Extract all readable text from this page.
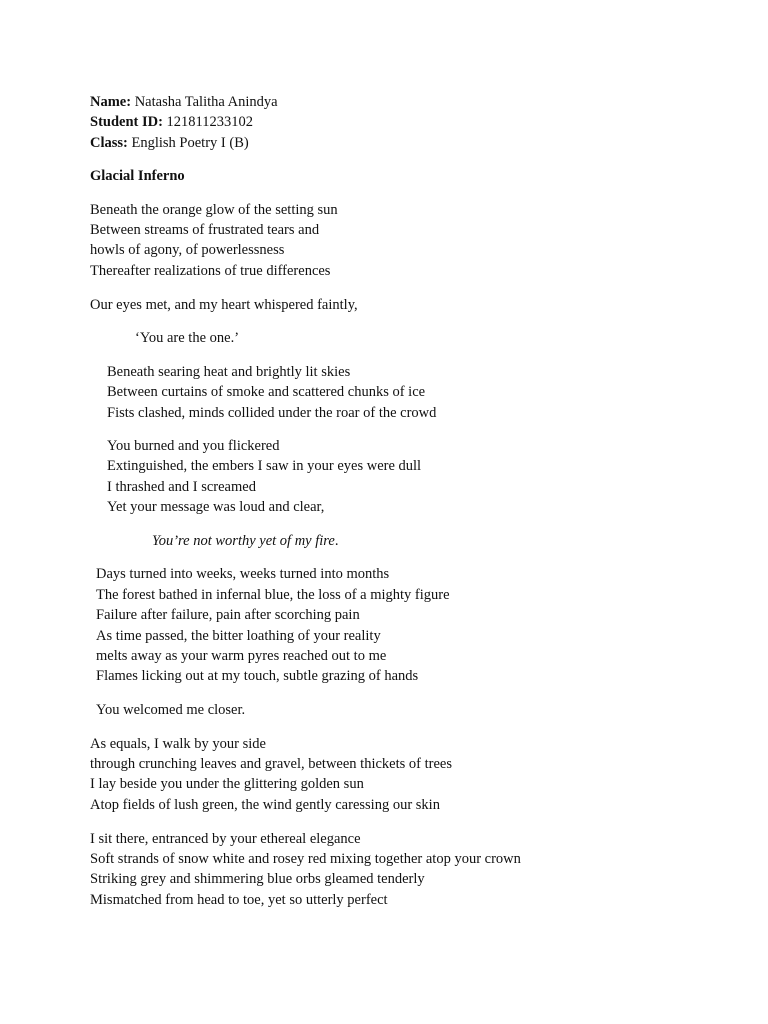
Name: Natasha Talitha Anindya
Student ID: 121811233102
Class: English Poetry I (B)
Glacial Inferno
Beneath the orange glow of the setting sun
Between streams of frustrated tears and
howls of agony, of powerlessness
Thereafter realizations of true differences
Our eyes met, and my heart whispered faintly,
‘You are the one.’
Beneath searing heat and brightly lit skies
Between curtains of smoke and scattered chunks of ice
Fists clashed, minds collided under the roar of the crowd
You burned and you flickered
Extinguished, the embers I saw in your eyes were dull
I thrashed and I screamed
Yet your message was loud and clear,
You’re not worthy yet of my fire.
Days turned into weeks, weeks turned into months
The forest bathed in infernal blue, the loss of a mighty figure
Failure after failure, pain after scorching pain
As time passed, the bitter loathing of your reality
melts away as your warm pyres reached out to me
Flames licking out at my touch, subtle grazing of hands
You welcomed me closer.
As equals, I walk by your side
through crunching leaves and gravel, between thickets of trees
I lay beside you under the glittering golden sun
Atop fields of lush green, the wind gently caressing our skin
I sit there, entranced by your ethereal elegance
Soft strands of snow white and rosey red mixing together atop your crown
Striking grey and shimmering blue orbs gleamed tenderly
Mismatched from head to toe, yet so utterly perfect
